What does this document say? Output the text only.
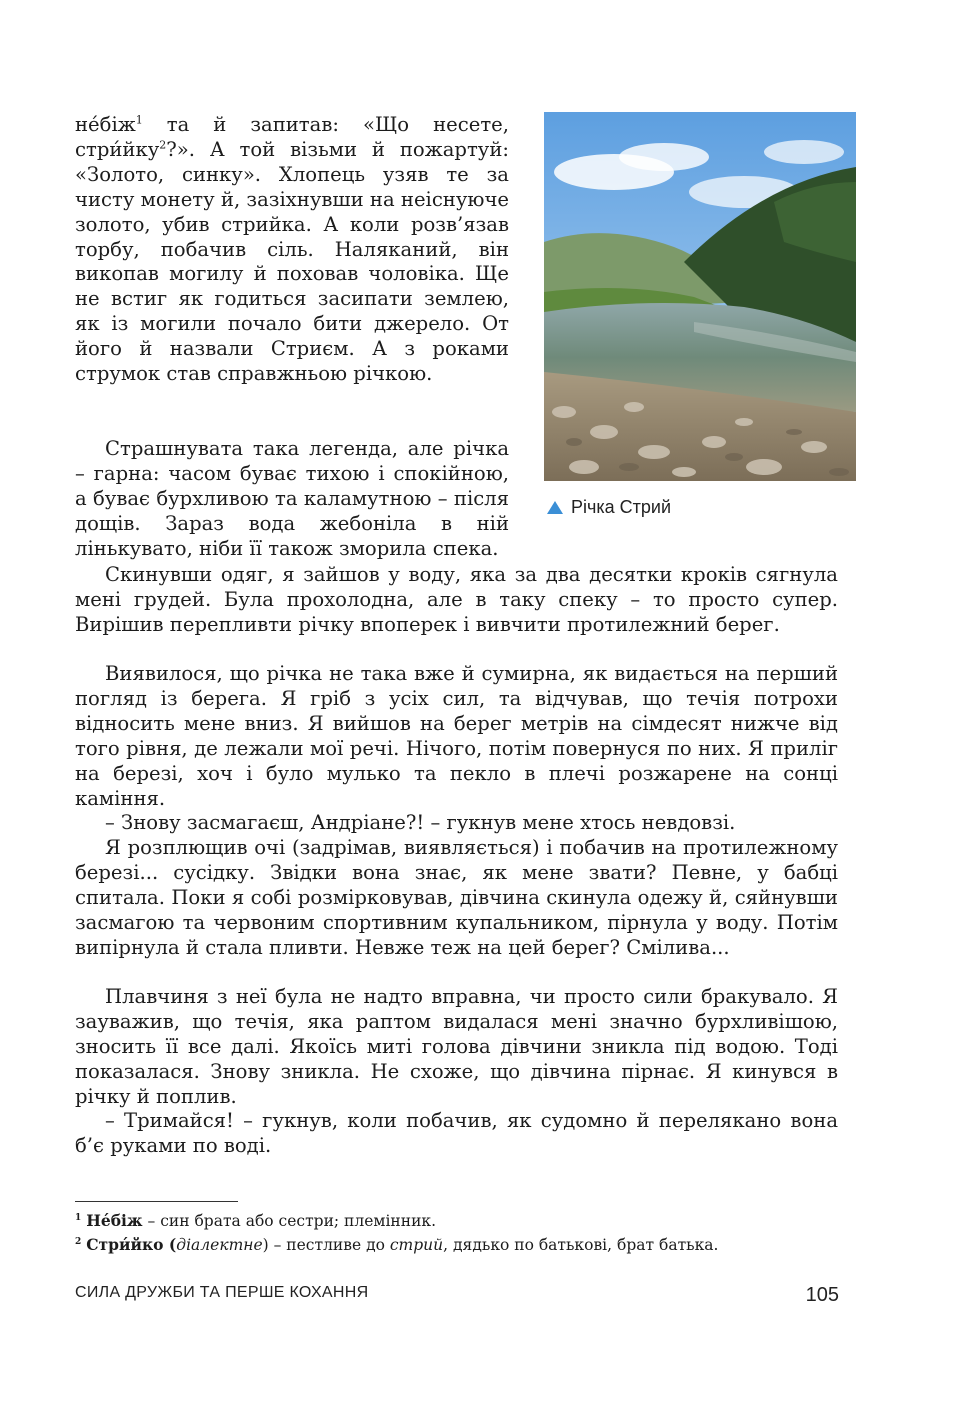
не́біж$^1$ та й запитав: «Що несете, стри́йку$^2$?». А той візьми й пожартуй: «Золото, синку». Хлопець узяв те за чисту монету й, зазіхнувши на неіснуюче золото, убив стрийка. А коли розв’язав торбу, побачив сіль. Наляканий, він викопав могилу й поховав чоловіка. Ще не встиг як годиться засипати землею, як із могили почало бити джерело. От його й назвали Стриєм. А з роками струмок став справжньою річкою.

Страшнувата така легенда, але річка – гарна: часом буває тихою і спокійною, а буває бурхливою та каламутною – після дощів. Зараз вода жебоніла в ній лінькувато, ніби її також зморила спека.

Річка Стрий

Скинувши одяг, я зайшов у воду, яка за два десятки кроків сягнула мені грудей. Була прохолодна, але в таку спеку – то просто супер. Вирішив перепливти річку впоперек і вивчити протилежний берег.

Виявилося, що річка не така вже й сумирна, як видається на перший погляд із берега. Я гріб з усіх сил, та відчував, що течія потрохи відносить мене вниз. Я вийшов на берег метрів на сімдесят нижче від того рівня, де лежали мої речі. Нічого, потім повернуся по них. Я приліг на березі, хоч і було мулько та пекло в плечі розжарене на сонці каміння.

– Знову засмагаєш, Андріане?! – гукнув мене хтось невдовзі.

Я розплющив очі (задрімав, виявляється) і побачив на протилежному березі... сусідку. Звідки вона знає, як мене звати? Певне, у бабці спитала. Поки я собі розмірковував, дівчина скинула одежу й, сяйнувши засмагою та червоним спортивним купальником, пірнула у воду. Потім випірнула й стала пливти. Невже теж на цей берег? Смілива...

Плавчиня з неї була не надто вправна, чи просто сили бракувало. Я зауважив, що течія, яка раптом видалася мені значно бурхливішою, зносить її все далі. Якоїсь миті голова дівчини зникла під водою. Тоді показалася. Знову зникла. Не схоже, що дівчина пірнає. Я кинувся в річку й поплив.

– Тримайся! – гукнув, коли побачив, як судомно й перелякано вона б’є руками по воді.

$^1$ Не́біж – син брата або сестри; племінник.

$^2$ Стри́йко (діалектне) – пестливе до стрий, дядько по батькові, брат батька.

СИЛА ДРУЖБИ ТА ПЕРШЕ КОХАННЯ	105
